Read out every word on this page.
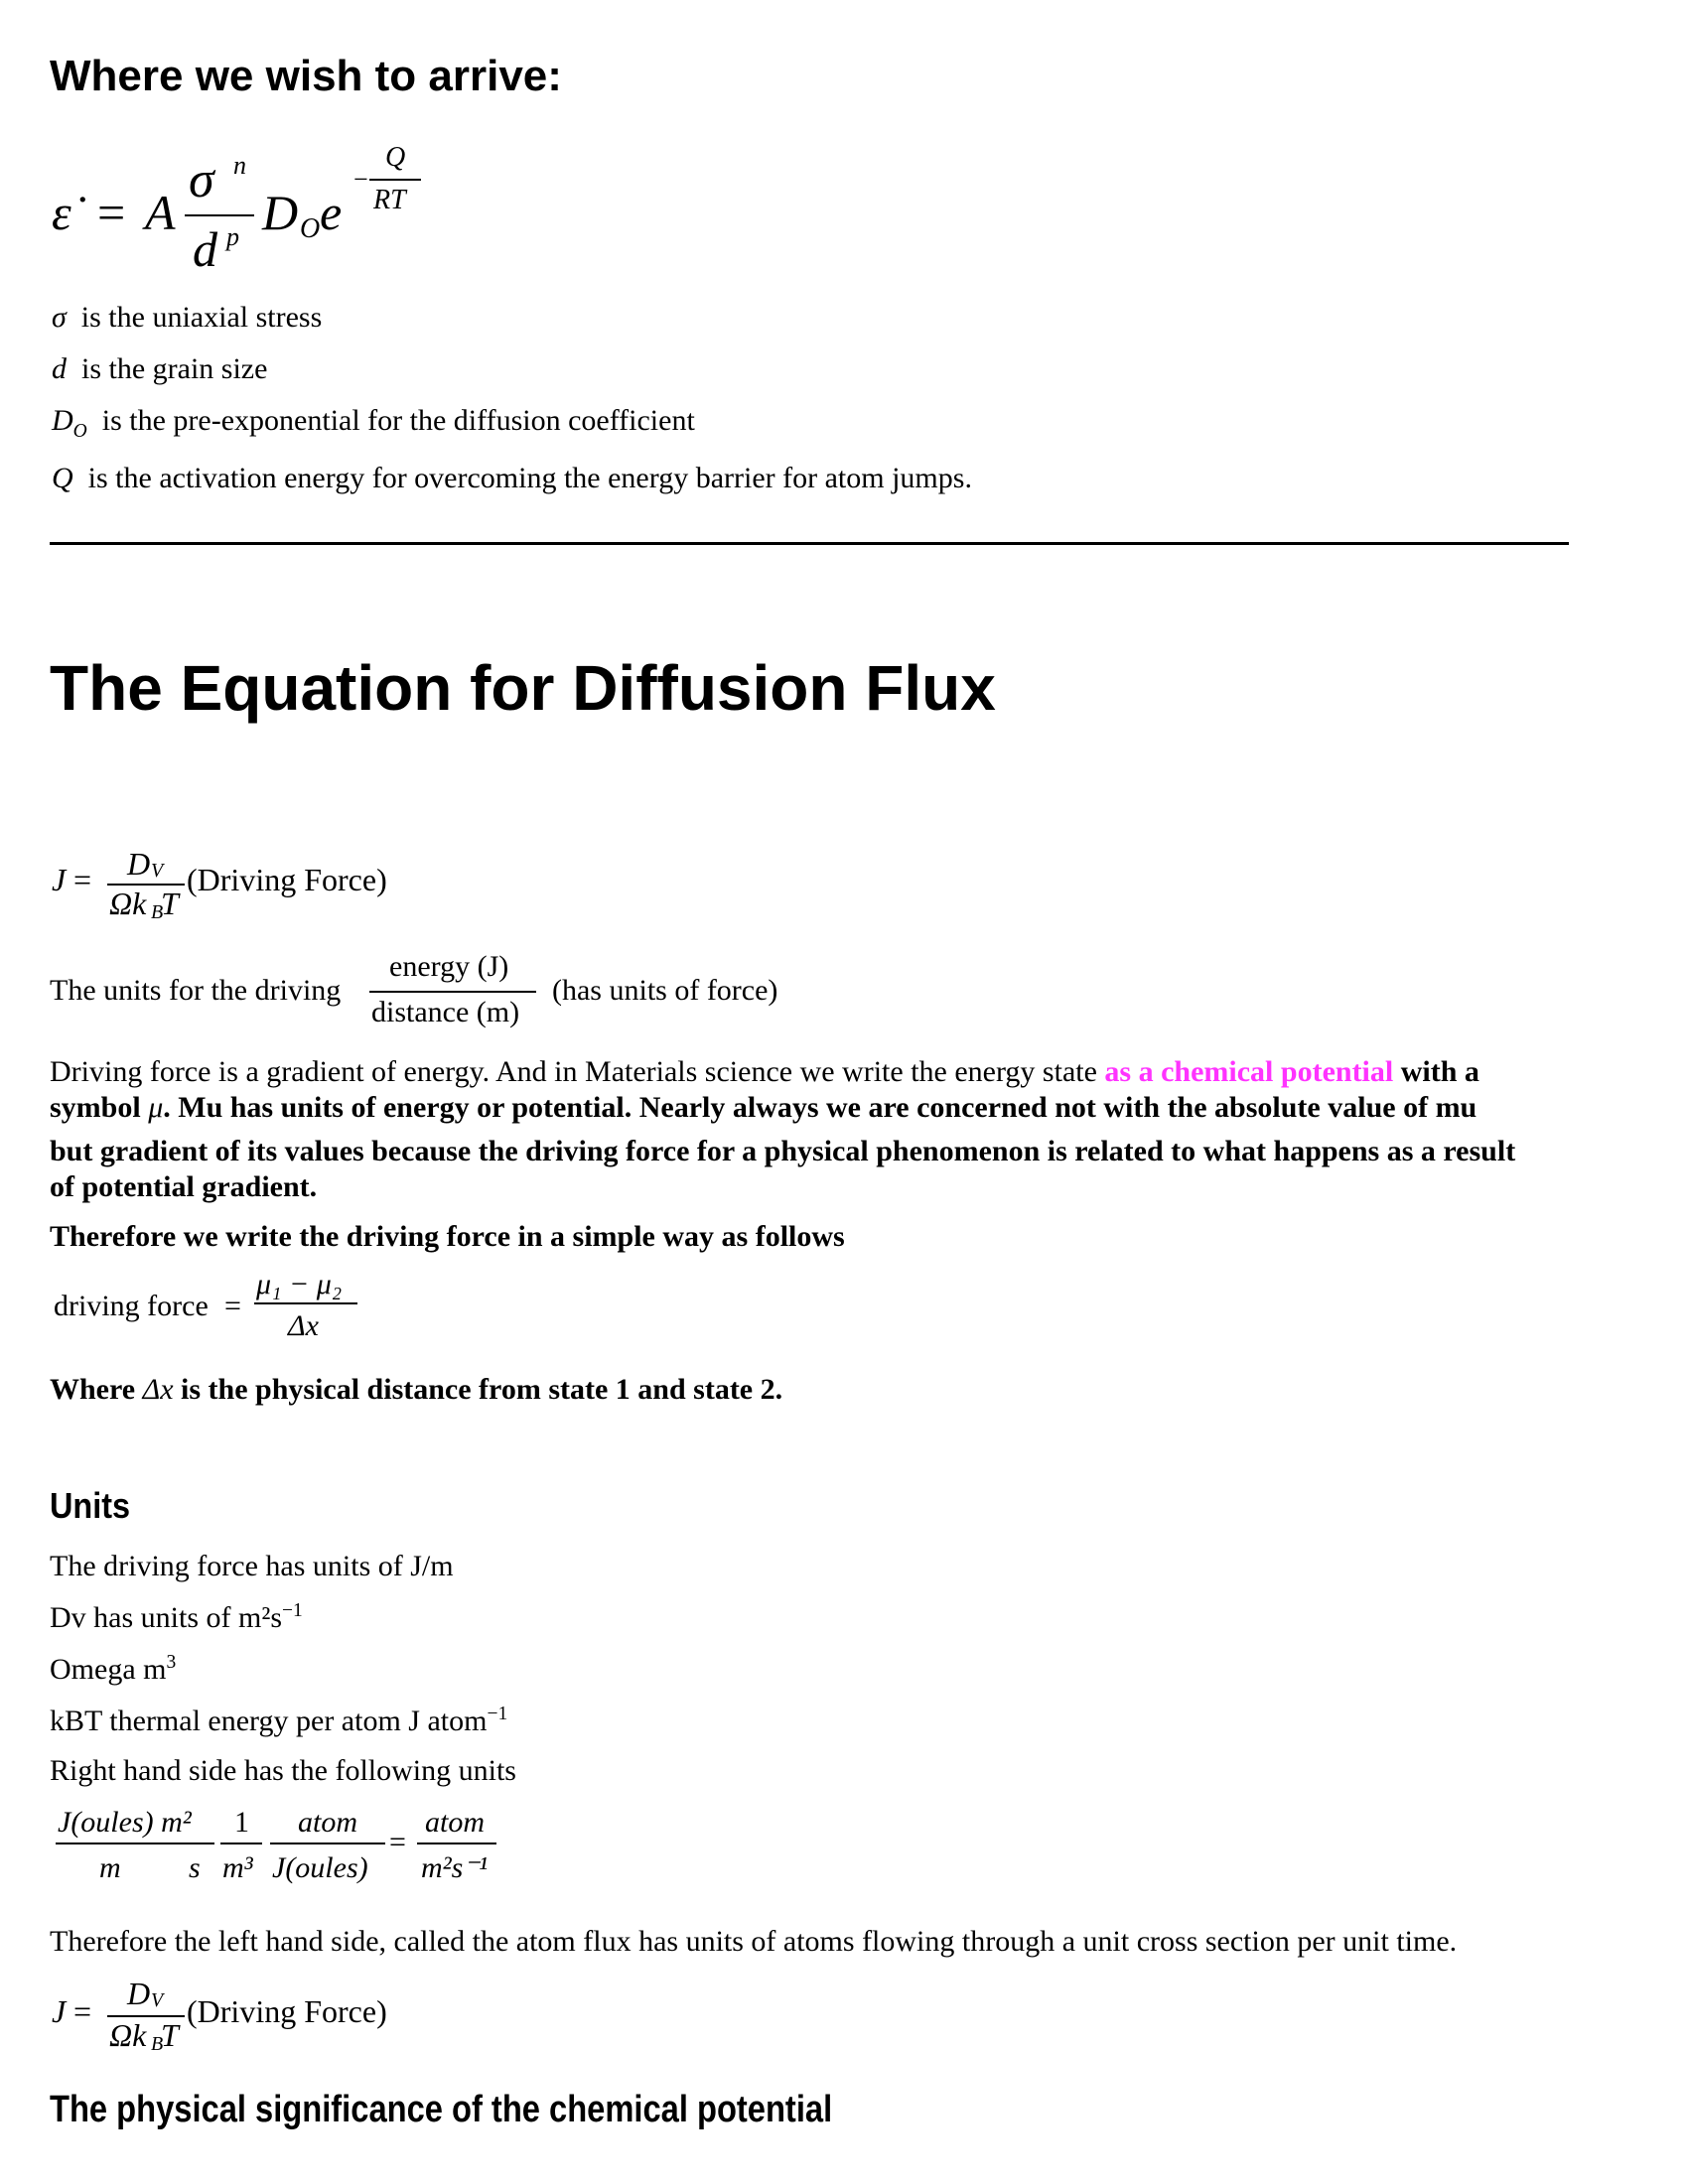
Where we wish to arrive:
ε̇ = A
σ n
d p D O e
−
Q
RT
σ is the uniaxial stress
d is the grain size
$D_O$ is the pre-exponential for the diffusion coefficient
Q is the activation energy for overcoming the energy barrier for atom jumps.
The Equation for Diffusion Flux
J = D V
Ωk B
T
(Driving Force)
The units for the driving
energy (J)
distance (m)
(has units of force)
Driving force is a gradient of energy. And in Materials science we write the energy state as a chemical potential with a
symbol μ. Mu has units of energy or potential. Nearly always we are concerned not with the absolute value of mu
but gradient of its values because the driving force for a physical phenomenon is related to what happens as a result
of potential gradient.
Therefore we write the driving force in a simple way as follows
driving force =
μ₁ − μ₂
Δx
Where Δx is the physical distance from state 1 and state 2.
Units
The driving force has units of J/m
Dv has units of $m^2s^{-1}$
Omega $m^3$
kBT thermal energy per atom J atom$^{-1}$
Right hand side has the following units
J(oules) m²
m
1
s m³
atom
J(oules)
=
atom
m²s⁻¹
Therefore the left hand side, called the atom flux has units of atoms flowing through a unit cross section per unit time.
J = D V
Ωk B
T
(Driving Force)
The physical significance of the chemical potential
